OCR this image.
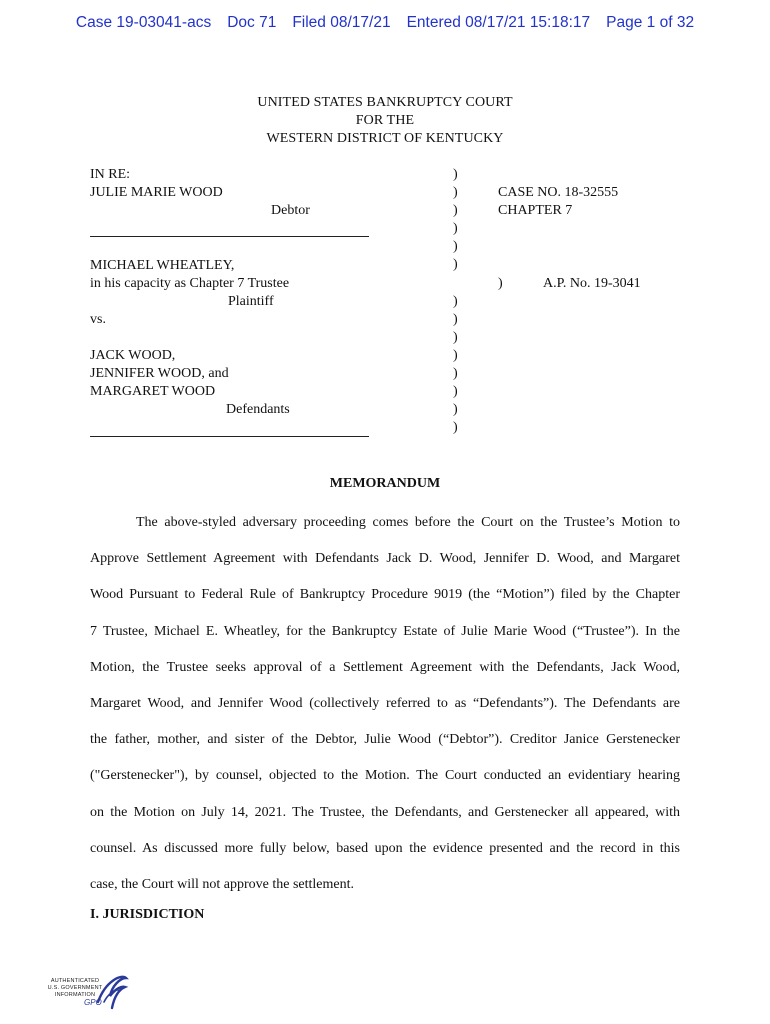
Case 19-03041-acs Doc 71 Filed 08/17/21 Entered 08/17/21 15:18:17 Page 1 of 32
UNITED STATES BANKRUPTCY COURT
FOR THE
WESTERN DISTRICT OF KENTUCKY
IN RE:
JULIE MARIE WOOD
Debtor
MICHAEL WHEATLEY,
in his capacity as Chapter 7 Trustee
Plaintiff
vs.
JACK WOOD,
JENNIFER WOOD, and
MARGARET WOOD
Defendants
)
)
)
)
)
)
)
)
)
)
)
)
)
)
CASE NO. 18-32555
CHAPTER 7
)	A.P. No. 19-3041
MEMORANDUM
The above-styled adversary proceeding comes before the Court on the Trustee’s Motion to
Approve Settlement Agreement with Defendants Jack D. Wood, Jennifer D. Wood, and Margaret
Wood Pursuant to Federal Rule of Bankruptcy Procedure 9019 (the “Motion”) filed by the Chapter
7 Trustee, Michael E. Wheatley, for the Bankruptcy Estate of Julie Marie Wood (“Trustee”). In the
Motion, the Trustee seeks approval of a Settlement Agreement with the Defendants, Jack Wood,
Margaret Wood, and Jennifer Wood (collectively referred to as “Defendants”). The Defendants are
the father, mother, and sister of the Debtor, Julie Wood (“Debtor”). Creditor Janice Gerstenecker
("Gerstenecker"), by counsel, objected to the Motion. The Court conducted an evidentiary hearing
on the Motion on July 14, 2021. The Trustee, the Defendants, and Gerstenecker all appeared, with
counsel. As discussed more fully below, based upon the evidence presented and the record in this
case, the Court will not approve the settlement.
I. JURISDICTION
AUTHENTICATED
U.S. GOVERNMENT
INFORMATION
GPO
